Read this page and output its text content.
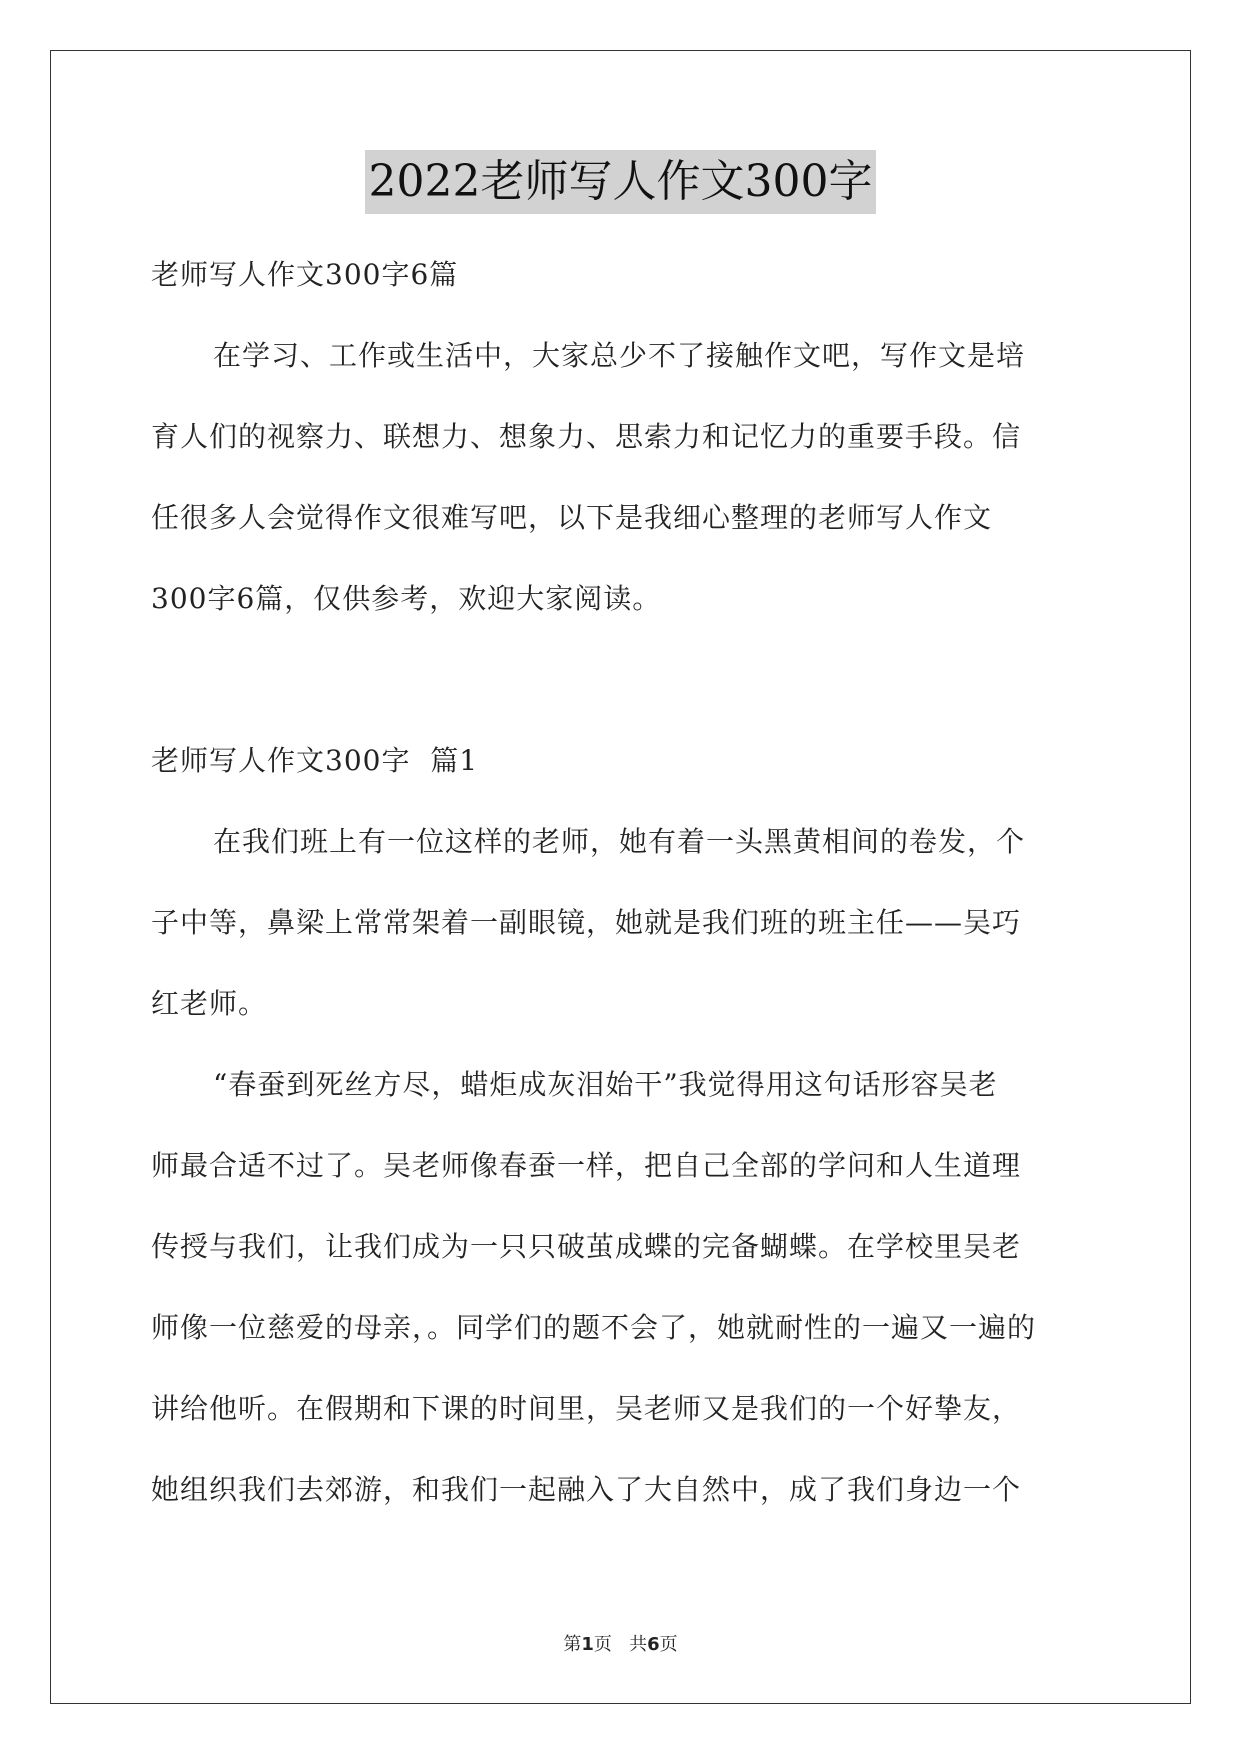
2022老师写人作文300字

老师写人作文300字6篇

在学习、工作或生活中，大家总少不了接触作文吧，写作文是培

育人们的视察力、联想力、想象力、思索力和记忆力的重要手段。信

任很多人会觉得作文很难写吧，以下是我细心整理的老师写人作文

300字6篇，仅供参考，欢迎大家阅读。

老师写人作文300字  篇1

在我们班上有一位这样的老师，她有着一头黑黄相间的卷发，个

子中等，鼻梁上常常架着一副眼镜，她就是我们班的班主任——吴巧

红老师。

“春蚕到死丝方尽，蜡炬成灰泪始干”我觉得用这句话形容吴老

师最合适不过了。吴老师像春蚕一样，把自己全部的学问和人生道理

传授与我们，让我们成为一只只破茧成蝶的完备蝴蝶。在学校里吴老

师像一位慈爱的母亲，。同学们的题不会了，她就耐性的一遍又一遍的

讲给他听。在假期和下课的时间里，吴老师又是我们的一个好挚友，

她组织我们去郊游，和我们一起融入了大自然中，成了我们身边一个

第1页   共6页
